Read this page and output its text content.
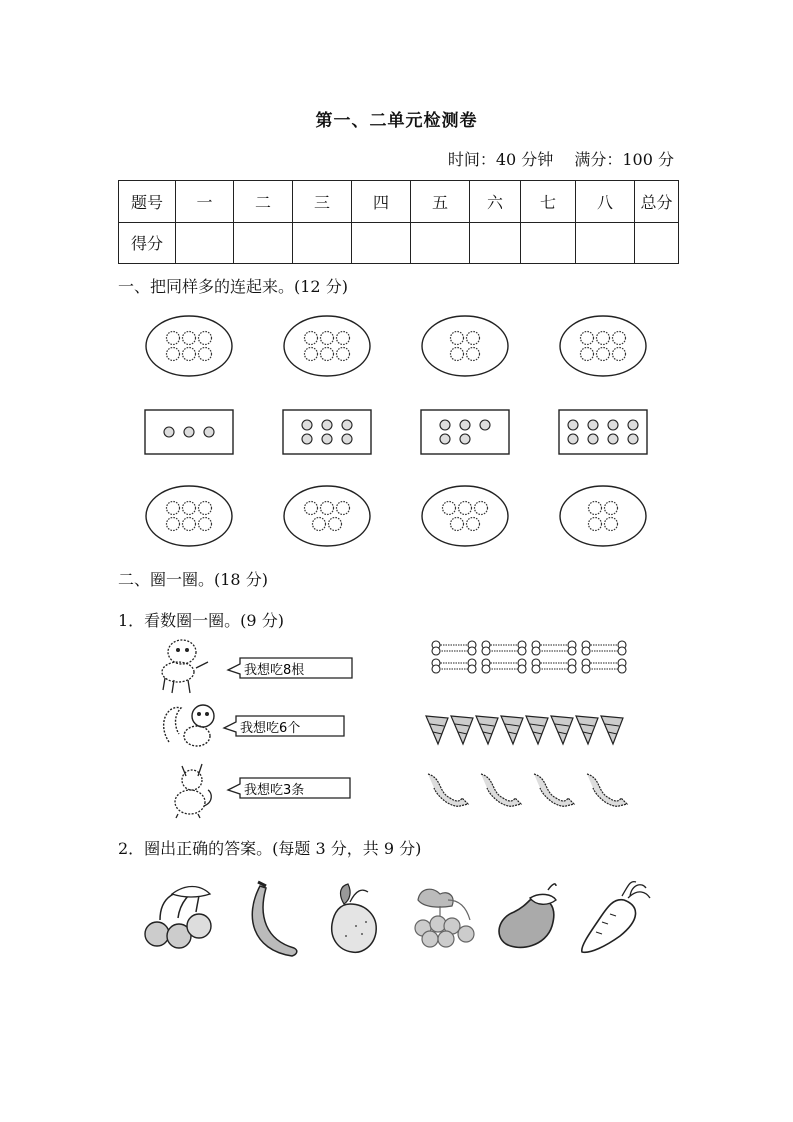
第一、二单元检测卷
时间：40 分钟 满分：100 分
题号	一	二	三	四	五	六	七	八	总分
得分									
一、把同样多的连起来。(12 分)
二、圈一圈。(18 分)
1．看数圈一圈。(9 分)
我想吃8根
我想吃6个
我想吃3条
2．圈出正确的答案。(每题 3 分，共 9 分)
